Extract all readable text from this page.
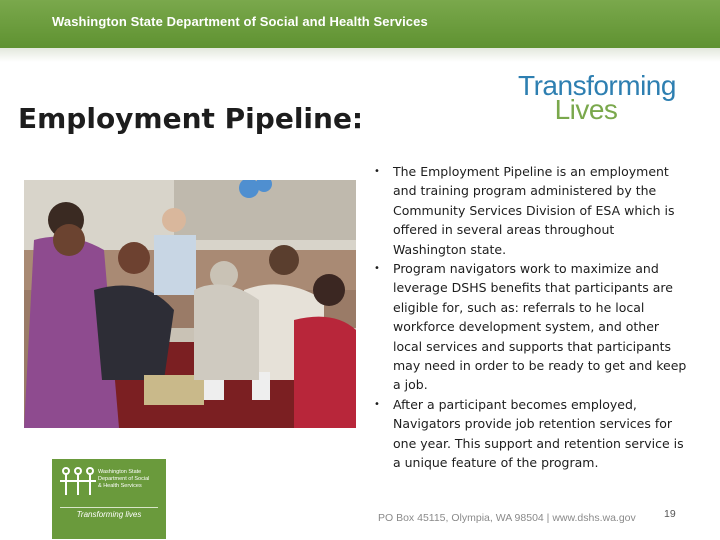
Washington State Department of Social and Health Services
Transforming
Lives
Employment Pipeline:
• The Employment Pipeline is an employment and training program administered by the Community Services Division of ESA which is offered in several areas throughout Washington state.
• Program navigators work to maximize and leverage DSHS benefits that participants are eligible for, such as: referrals to he local workforce development system, and other local services and supports that participants may need in order to be ready to get and keep a job.
• After a participant becomes employed, Navigators provide job retention services for one year. This support and retention service is a unique feature of the program.
Washington State
Department of Social
& Health Services
Transforming lives	PO Box 45115, Olympia, WA 98504 | www.dshs.wa.gov	19
